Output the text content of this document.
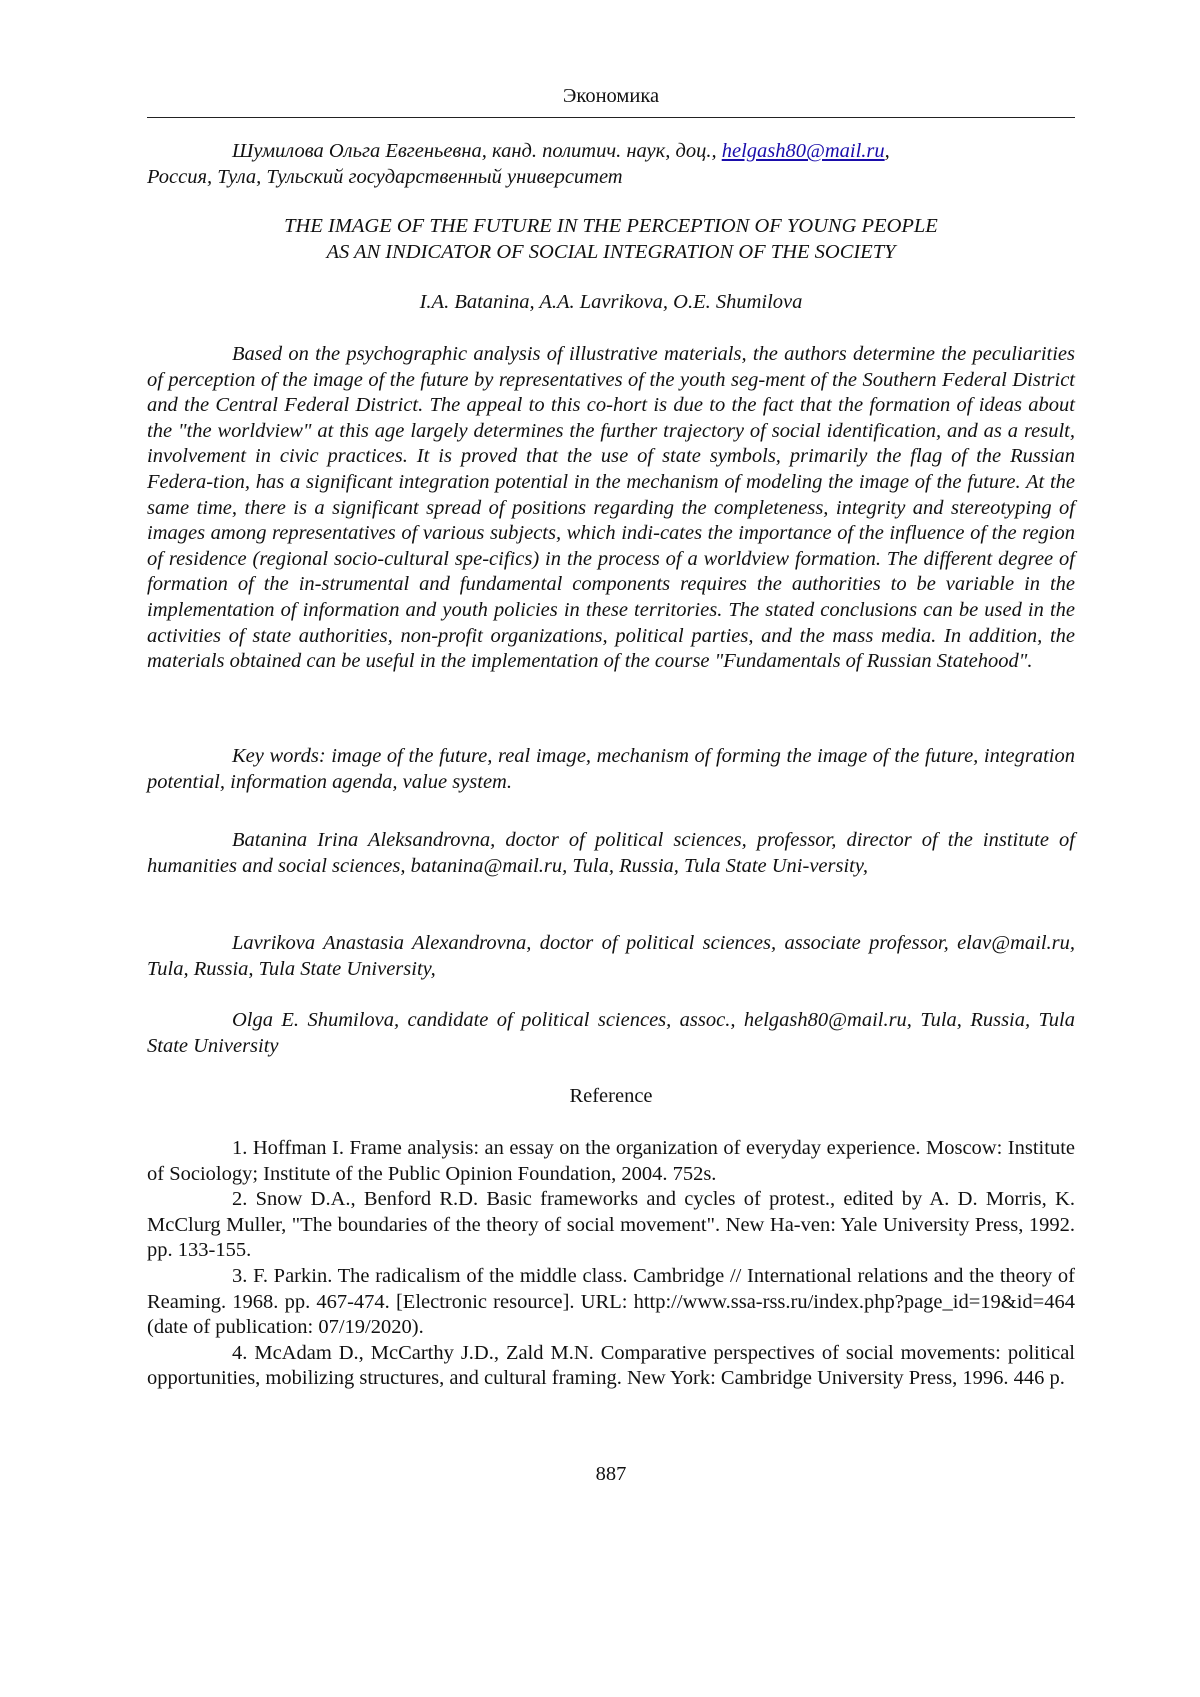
Экономика

Шумилова Ольга Евгеньевна, канд. политич. наук, доц., helgash80@mail.ru,

Россия, Тула, Тульский государственный университет

THE IMAGE OF THE FUTURE IN THE PERCEPTION OF YOUNG PEOPLE

AS AN INDICATOR OF SOCIAL INTEGRATION OF THE SOCIETY

I.A. Batanina, A.A. Lavrikova, O.E. Shumilova

Based on the psychographic analysis of illustrative materials, the authors determine the peculiarities of perception of the image of the future by representatives of the youth seg-ment of the Southern Federal District and the Central Federal District. The appeal to this co-hort is due to the fact that the formation of ideas about the "the worldview" at this age largely determines the further trajectory of social identification, and as a result, involvement in civic practices. It is proved that the use of state symbols, primarily the flag of the Russian Federa-tion, has a significant integration potential in the mechanism of modeling the image of the future. At the same time, there is a significant spread of positions regarding the completeness, integrity and stereotyping of images among representatives of various subjects, which indi-cates the importance of the influence of the region of residence (regional socio-cultural spe-cifics) in the process of a worldview formation. The different degree of formation of the in-strumental and fundamental components requires the authorities to be variable in the implementation of information and youth policies in these territories. The stated conclusions can be used in the activities of state authorities, non-profit organizations, political parties, and the mass media. In addition, the materials obtained can be useful in the implementation of the course "Fundamentals of Russian Statehood".

Key words: image of the future, real image, mechanism of forming the image of the future, integration potential, information agenda, value system.

Batanina Irina Aleksandrovna, doctor of political sciences, professor, director of the institute of humanities and social sciences, batanina@mail.ru, Tula, Russia, Tula State Uni-versity,

Lavrikova Anastasia Alexandrovna, doctor of political sciences, associate professor, elav@mail.ru, Tula, Russia, Tula State University,

Olga E. Shumilova, candidate of political sciences, assoc., helgash80@mail.ru, Tula, Russia, Tula State University

Reference

1. Hoffman I. Frame analysis: an essay on the organization of everyday experience. Moscow: Institute of Sociology; Institute of the Public Opinion Foundation, 2004. 752s.

2. Snow D.A., Benford R.D. Basic frameworks and cycles of protest., edited by A. D. Morris, K. McClurg Muller, "The boundaries of the theory of social movement". New Ha-ven: Yale University Press, 1992. pp. 133-155.

3. F. Parkin. The radicalism of the middle class. Cambridge // International relations and the theory of Reaming. 1968. pp. 467-474. [Electronic resource]. URL: http://www.ssa-rss.ru/index.php?page_id=19&id=464 (date of publication: 07/19/2020).

4. McAdam D., McCarthy J.D., Zald M.N. Comparative perspectives of social movements: political opportunities, mobilizing structures, and cultural framing. New York: Cambridge University Press, 1996. 446 p.

887
